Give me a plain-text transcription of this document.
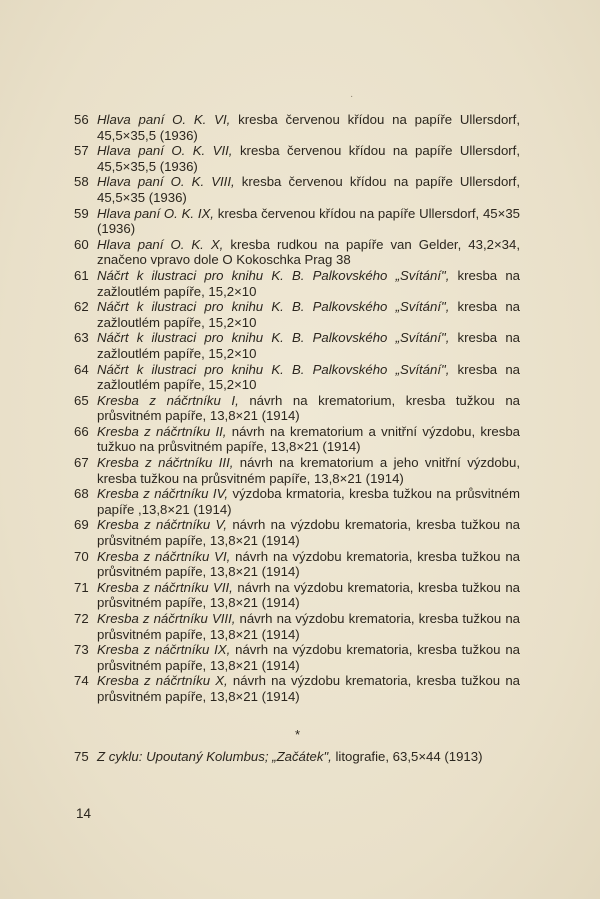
56 Hlava paní O. K. VI, kresba červenou křídou na papíře Ullersdorf, 45,5×35,5 (1936)
57 Hlava paní O. K. VII, kresba červenou křídou na papíře Ullersdorf, 45,5×35,5 (1936)
58 Hlava paní O. K. VIII, kresba červenou křídou na papíře Ullersdorf, 45,5×35 (1936)
59 Hlava paní O. K. IX, kresba červenou křídou na papíře Ullersdorf, 45×35 (1936)
60 Hlava paní O. K. X, kresba rudkou na papíře van Gelder, 43,2×34, značeno vpravo dole O Kokoschka Prag 38
61 Náčrt k ilustraci pro knihu K. B. Palkovského „Svítání", kresba na zažloutlém papíře, 15,2×10
62 Náčrt k ilustraci pro knihu K. B. Palkovského „Svítání", kresba na zažloutlém papíře, 15,2×10
63 Náčrt k ilustraci pro knihu K. B. Palkovského „Svítání", kresba na zažloutlém papíře, 15,2×10
64 Náčrt k ilustraci pro knihu K. B. Palkovského „Svítání", kresba na zažloutlém papíře, 15,2×10
65 Kresba z náčrtníku I, návrh na krematorium, kresba tužkou na průsvitném papíře, 13,8×21 (1914)
66 Kresba z náčrtníku II, návrh na krematorium a vnitřní výzdobu, kresba tužkuo na průsvitném papíře, 13,8×21 (1914)
67 Kresba z náčrtníku III, návrh na krematorium a jeho vnitřní výzdobu, kresba tužkou na průsvitném papíře, 13,8×21 (1914)
68 Kresba z náčrtníku IV, výzdoba krmatoria, kresba tužkou na průsvitném papíře ,13,8×21 (1914)
69 Kresba z náčrtníku V, návrh na výzdobu krematoria, kresba tužkou na průsvitném papíře, 13,8×21 (1914)
70 Kresba z náčrtníku VI, návrh na výzdobu krematoria, kresba tužkou na průsvitném papíře, 13,8×21 (1914)
71 Kresba z náčrtníku VII, návrh na výzdobu krematoria, kresba tužkou na průsvitném papíře, 13,8×21 (1914)
72 Kresba z náčrtníku VIII, návrh na výzdobu krematoria, kresba tužkou na průsvitném papíře, 13,8×21 (1914)
73 Kresba z náčrtníku IX, návrh na výzdobu krematoria, kresba tužkou na průsvitném papíře, 13,8×21 (1914)
74 Kresba z náčrtníku X, návrh na výzdobu krematoria, kresba tužkou na průsvitném papíře, 13,8×21 (1914)
*
75 Z cyklu: Upoutaný Kolumbus; „Začátek", litografie, 63,5×44 (1913)
14
·
